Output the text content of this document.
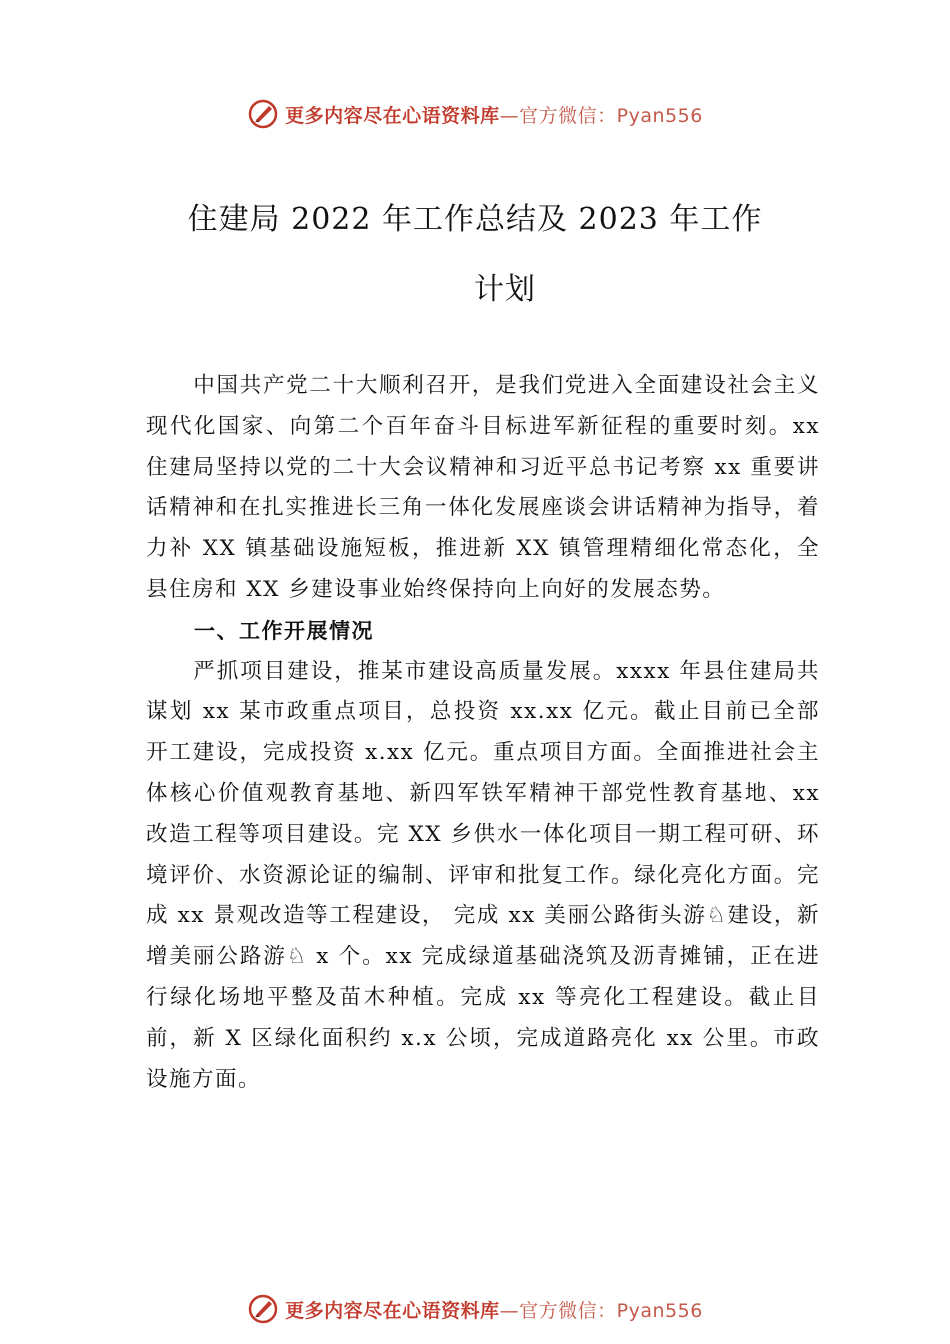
更多内容尽在心语资料库—官方微信：Pyan556
住建局 2022 年工作总结及 2023 年工作
计划

中国共产党二十大顺利召开，是我们党进入全面建设社会主义现代化国家、向第二个百年奋斗目标进军新征程的重要时刻。xx 住建局坚持以党的二十大会议精神和习近平总书记考察 xx 重要讲话精神和在扎实推进长三角一体化发展座谈会讲话精神为指导，着力补 XX 镇基础设施短板，推进新 XX 镇管理精细化常态化，全县住房和 XX 乡建设事业始终保持向上向好的发展态势。

一、工作开展情况

严抓项目建设，推某市建设高质量发展。xxxx 年县住建局共谋划 xx 某市政重点项目，总投资 xx.xx 亿元。截止目前已全部开工建设，完成投资 x.xx 亿元。重点项目方面。全面推进社会主体核心价值观教育基地、新四军铁军精神干部党性教育基地、xx 改造工程等项目建设。完 XX 乡供水一体化项目一期工程可研、环境评价、水资源论证的编制、评审和批复工作。绿化亮化方面。完成 xx 景观改造等工程建设， 完成 xx 美丽公路街头游♘建设，新增美丽公路游♘ x 个。xx 完成绿道基础浇筑及沥青摊铺，正在进行绿化场地平整及苗木种植。完成 xx 等亮化工程建设。截止目前，新 X 区绿化面积约 x.x 公顷，完成道路亮化 xx 公里。市政设施方面。

更多内容尽在心语资料库—官方微信：Pyan556
